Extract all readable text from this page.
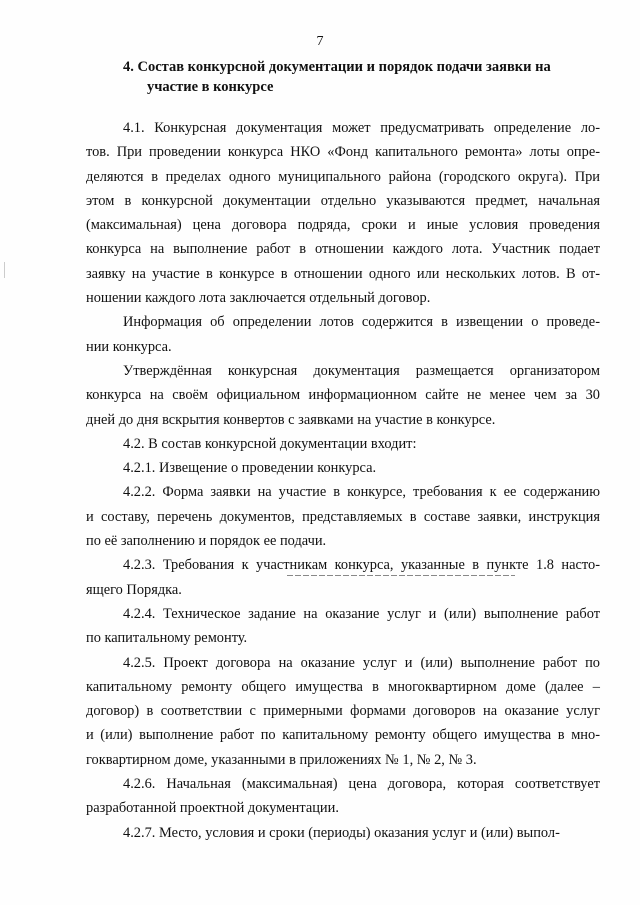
7
4. Состав конкурсной документации и порядок подачи заявки на
участие в конкурсе
4.1. Конкурсная документация может предусматривать определение ло-
тов. При проведении конкурса НКО «Фонд капитального ремонта» лоты опре-
деляются в пределах одного муниципального района (городского округа). При
этом в конкурсной документации отдельно указываются предмет, начальная
(максимальная) цена договора подряда, сроки и иные условия проведения
конкурса на выполнение работ в отношении каждого лота. Участник подает
заявку на участие в конкурсе в отношении одного или нескольких лотов. В от-
ношении каждого лота заключается отдельный договор.
Информация об определении лотов содержится в извещении о проведе-
нии конкурса.
Утверждённая конкурсная документация размещается организатором
конкурса на своём официальном информационном сайте не менее чем за 30
дней до дня вскрытия конвертов с заявками на участие в конкурсе.
4.2. В состав конкурсной документации входит:
4.2.1. Извещение о проведении конкурса.
4.2.2. Форма заявки на участие в конкурсе, требования к ее содержанию
и составу, перечень документов, представляемых в составе заявки, инструкция
по её заполнению и порядок ее подачи.
4.2.3. Требования к участникам конкурса, указанные в пункте 1.8 насто-
ящего Порядка.
4.2.4. Техническое задание на оказание услуг и (или) выполнение работ
по капитальному ремонту.
4.2.5. Проект договора на оказание услуг и (или) выполнение работ по
капитальному ремонту общего имущества в многоквартирном доме (далее –
договор) в соответствии с примерными формами договоров на оказание услуг
и (или) выполнение работ по капитальному ремонту общего имущества в мно-
гоквартирном доме, указанными в приложениях № 1, № 2, № 3.
4.2.6. Начальная (максимальная) цена договора, которая соответствует
разработанной проектной документации.
4.2.7. Место, условия и сроки (периоды) оказания услуг и (или) выпол-
